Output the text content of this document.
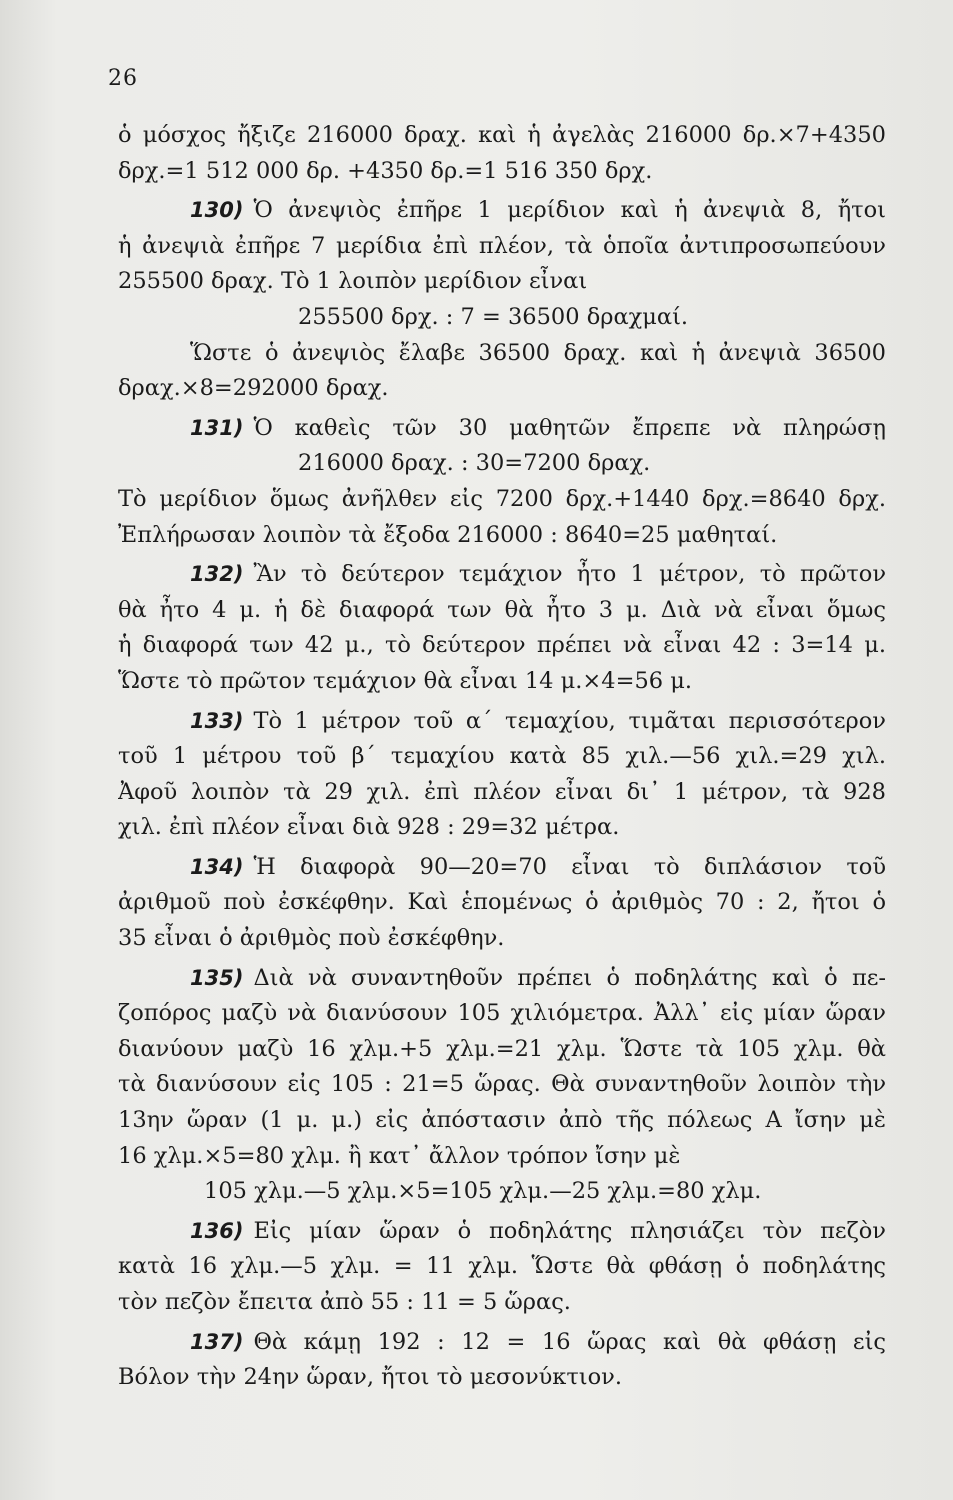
26
ὁ μόσχος ἤξιζε 216000 δραχ. καὶ ἡ ἀγελὰς 216000 δρ.×7+4350
δρχ.=1 512 000 δρ. +4350 δρ.=1 516 350 δρχ.
130) Ὁ ἀνεψιὸς ἐπῆρε 1 μερίδιον καὶ ἡ ἀνεψιὰ 8, ἤτοι
ἡ ἀνεψιὰ ἐπῆρε 7 μερίδια ἐπὶ πλέον, τὰ ὁποῖα ἀντιπροσωπεύουν
255500 δραχ. Τὸ 1 λοιπὸν μερίδιον εἶναι
255500 δρχ. : 7 = 36500 δραχμαί.
Ὥστε ὁ ἀνεψιὸς ἔλαβε 36500 δραχ. καὶ ἡ ἀνεψιὰ 36500
δραχ.×8=292000 δραχ.
131) Ὁ καθεὶς τῶν 30 μαθητῶν ἔπρεπε νὰ πληρώσῃ
216000 δραχ. : 30=7200 δραχ.
Τὸ μερίδιον ὅμως ἀνῆλθεν εἰς 7200 δρχ.+1440 δρχ.=8640 δρχ.
Ἐπλήρωσαν λοιπὸν τὰ ἔξοδα 216000 : 8640=25 μαθηταί.
132) Ἂν τὸ δεύτερον τεμάχιον ἦτο 1 μέτρον, τὸ πρῶτον
θὰ ἦτο 4 μ. ἡ δὲ διαφορά των θὰ ἦτο 3 μ. Διὰ νὰ εἶναι ὅμως
ἡ διαφορά των 42 μ., τὸ δεύτερον πρέπει νὰ εἶναι 42 : 3=14 μ.
Ὥστε τὸ πρῶτον τεμάχιον θὰ εἶναι 14 μ.×4=56 μ.
133) Τὸ 1 μέτρον τοῦ α΄ τεμαχίου, τιμᾶται περισσότερον
τοῦ 1 μέτρου τοῦ β΄ τεμαχίου κατὰ 85 χιλ.—56 χιλ.=29 χιλ.
Ἀφοῦ λοιπὸν τὰ 29 χιλ. ἐπὶ πλέον εἶναι δι᾿ 1 μέτρον, τὰ 928
χιλ. ἐπὶ πλέον εἶναι διὰ 928 : 29=32 μέτρα.
134) Ἡ διαφορὰ 90—20=70 εἶναι τὸ διπλάσιον τοῦ
ἀριθμοῦ ποὺ ἐσκέφθην. Καὶ ἑπομένως ὁ ἀριθμὸς 70 : 2, ἤτοι ὁ
35 εἶναι ὁ ἀριθμὸς ποὺ ἐσκέφθην.
135) Διὰ νὰ συναντηθοῦν πρέπει ὁ ποδηλάτης καὶ ὁ πε-
ζοπόρος μαζὺ νὰ διανύσουν 105 χιλιόμετρα. Ἀλλ᾿ εἰς μίαν ὥραν
διανύουν μαζὺ 16 χλμ.+5 χλμ.=21 χλμ. Ὥστε τὰ 105 χλμ. θὰ
τὰ διανύσουν εἰς 105 : 21=5 ὥρας. Θὰ συναντηθοῦν λοιπὸν τὴν
13ην ὥραν (1 μ. μ.) εἰς ἀπόστασιν ἀπὸ τῆς πόλεως Α ἴσην μὲ
16 χλμ.×5=80 χλμ. ἢ κατ᾿ ἄλλον τρόπον ἴσην μὲ
105 χλμ.—5 χλμ.×5=105 χλμ.—25 χλμ.=80 χλμ.
136) Εἰς μίαν ὥραν ὁ ποδηλάτης πλησιάζει τὸν πεζὸν
κατὰ 16 χλμ.—5 χλμ. = 11 χλμ. Ὥστε θὰ φθάσῃ ὁ ποδηλάτης
τὸν πεζὸν ἔπειτα ἀπὸ 55 : 11 = 5 ὥρας.
137) Θὰ κάμῃ 192 : 12 = 16 ὥρας καὶ θὰ φθάσῃ εἰς
Βόλον τὴν 24ην ὥραν, ἤτοι τὸ μεσονύκτιον.
